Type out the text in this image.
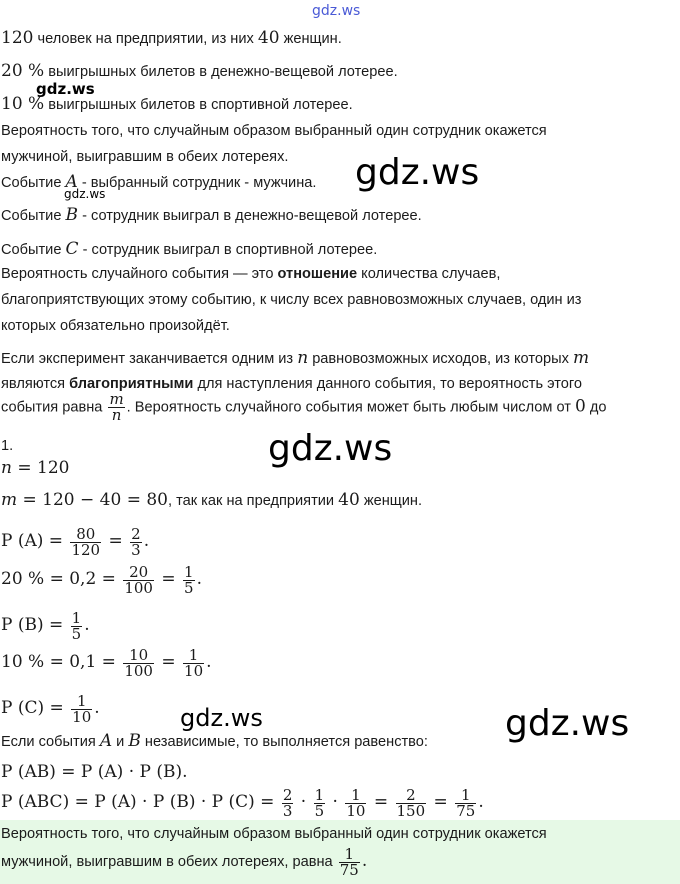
gdz.ws
gdz.ws
gdz.ws
gdz.ws
gdz.ws
gdz.ws	gdz.ws
120 человек на предприятии, из них 40 женщин.
20 % выигрышных билетов в денежно-вещевой лотерее.
10 % выигрышных билетов в спортивной лотерее.
Вероятность того, что случайным образом выбранный один сотрудник окажется
мужчиной, выигравшим в обеих лотереях.
Событие A - выбранный сотрудник - мужчина.
Событие B - сотрудник выиграл в денежно-вещевой лотерее.
Событие C - сотрудник выиграл в спортивной лотерее.
Вероятность случайного события — это отношение количества случаев,
благоприятствующих этому событию, к числу всех равновозможных случаев, один из
которых обязательно произойдёт.
Если эксперимент заканчивается одним из n равновозможных исходов, из которых m
являются благоприятными для наступления данного события, то вероятность этого
события равна $\frac{m}{n}$ . Вероятность случайного события может быть любым числом от 0 до
1.
n = 120
m = 120 − 40 = 80, так как на предприятии 40 женщин.
P $(A) = \frac{80}{120} = \frac{2}{3}$ .
20 % = $0,2 = \frac{20}{100} = \frac{1}{5}$ .
P $(B) = \frac{1}{5}$ .
10 % = $0,1 = \frac{10}{100} = \frac{1}{10}$ .
P $(C) = \frac{1}{10}$ .
Если события A и B независимые, то выполняется равенство:
P (AB) = P (A) · P (B).
P (ABC) = P (A) · P (B) · P $(C) = \frac{2}{3} \cdot \frac{1}{5} \cdot \frac{1}{10} = \frac{2}{150} = \frac{1}{75}$ .
Вероятность того, что случайным образом выбранный один сотрудник окажется
мужчиной, выигравшим в обеих лотереях, равна $\frac{1}{75}$ .
